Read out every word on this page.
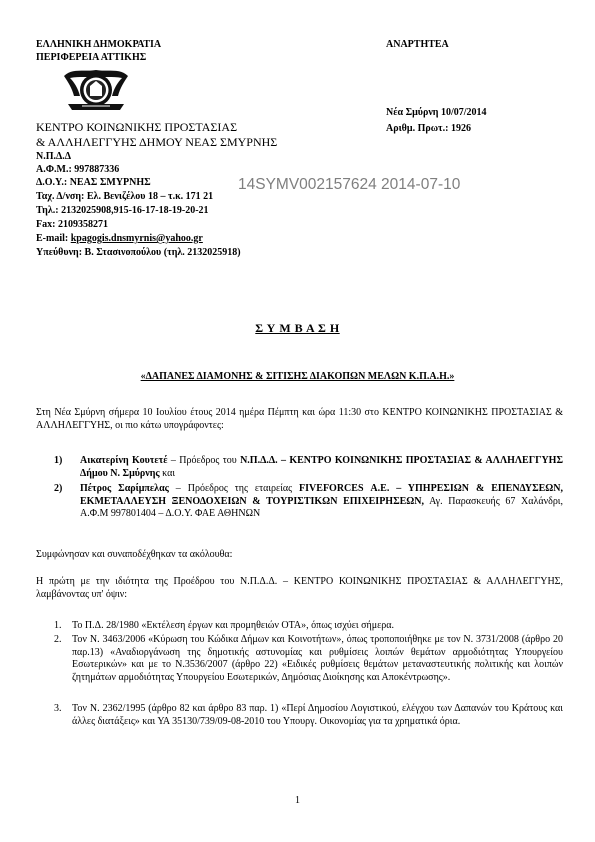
ΕΛΛΗΝΙΚΗ ΔΗΜΟΚΡΑΤΙΑ
ΠΕΡΙΦΕΡΕΙΑ ΑΤΤΙΚΗΣ
ΑΝΑΡΤΗΤΕΑ
Νέα Σμύρνη 10/07/2014
Αριθμ. Πρωτ.: 1926
ΚΕΝΤΡΟ ΚΟΙΝΩΝΙΚΗΣ ΠΡΟΣΤΑΣΙΑΣ
& ΑΛΛΗΛΕΓΓΥΗΣ ΔΗΜΟΥ ΝΕΑΣ ΣΜΥΡΝΗΣ
Ν.Π.Δ.Δ
Α.Φ.Μ.: 997887336
Δ.Ο.Υ.: ΝΕΑΣ ΣΜΥΡΝΗΣ
Ταχ. Δ/νση: Ελ. Βενιζέλου 18 – τ.κ. 171 21
Τηλ.: 2132025908,915-16-17-18-19-20-21
Fax: 2109358271
E-mail: kpagogis.dnsmyrnis@yahoo.gr
Υπεύθυνη: Β. Στασινοπούλου (τηλ. 2132025918)
14SYMV002157624 2014-07-10
Σ Υ Μ Β Α Σ Η
«ΔΑΠΑΝΕΣ ΔΙΑΜΟΝΗΣ & ΣΙΤΙΣΗΣ ΔΙΑΚΟΠΩΝ ΜΕΛΩΝ Κ.Π.Α.Η.»
Στη Νέα Σμύρνη σήμερα 10 Ιουλίου έτους 2014 ημέρα Πέμπτη και ώρα 11:30 στο ΚΕΝΤΡΟ ΚΟΙΝΩΝΙΚΗΣ ΠΡΟΣΤΑΣΙΑΣ & ΑΛΛΗΛΕΓΓΥΗΣ, οι πιο κάτω υπογράφοντες:
1) Αικατερίνη Κουτετέ – Πρόεδρος του Ν.Π.Δ.Δ. – ΚΕΝΤΡΟ ΚΟΙΝΩΝΙΚΗΣ ΠΡΟΣΤΑΣΙΑΣ & ΑΛΛΗΛΕΓΓΥΗΣ Δήμου Ν. Σμύρνης και
2) Πέτρος Σαρίμπελας – Πρόεδρος της εταιρείας FIVEFORCES Α.Ε. – ΥΠΗΡΕΣΙΩΝ & ΕΠΕΝΔΥΣΕΩΝ, ΕΚΜΕΤΑΛΛΕΥΣΗ ΞΕΝΟΔΟΧΕΙΩΝ & ΤΟΥΡΙΣΤΙΚΩΝ ΕΠΙΧΕΙΡΗΣΕΩΝ, Αγ. Παρασκευής 67 Χαλάνδρι, Α.Φ.Μ 997801404 – Δ.Ο.Υ. ΦΑΕ ΑΘΗΝΩΝ
Συμφώνησαν και συναποδέχθηκαν τα ακόλουθα:
Η πρώτη με την ιδιότητα της Προέδρου του Ν.Π.Δ.Δ. – ΚΕΝΤΡΟ ΚΟΙΝΩΝΙΚΗΣ ΠΡΟΣΤΑΣΙΑΣ & ΑΛΛΗΛΕΓΓΥΗΣ, λαμβάνοντας υπ' όψιν:
1. Το Π.Δ. 28/1980 «Εκτέλεση έργων και προμηθειών ΟΤΑ», όπως ισχύει σήμερα.
2. Τον Ν. 3463/2006 «Κύρωση του Κώδικα Δήμων και Κοινοτήτων», όπως τροποποιήθηκε με τον Ν. 3731/2008 (άρθρο 20 παρ.13) «Αναδιοργάνωση της δημοτικής αστυνομίας και ρυθμίσεις λοιπών θεμάτων αρμοδιότητας Υπουργείου Εσωτερικών» και με το Ν.3536/2007 (άρθρο 22) «Ειδικές ρυθμίσεις θεμάτων μεταναστευτικής πολιτικής και λοιπών ζητημάτων αρμοδιότητας Υπουργείου Εσωτερικών, Δημόσιας Διοίκησης και Αποκέντρωσης».
3. Τον Ν. 2362/1995 (άρθρο 82 και άρθρο 83 παρ. 1) «Περί Δημοσίου Λογιστικού, ελέγχου των Δαπανών του Κράτους και άλλες διατάξεις» και ΥΑ 35130/739/09-08-2010 του Υπουργ. Οικονομίας για τα χρηματικά όρια.
1
